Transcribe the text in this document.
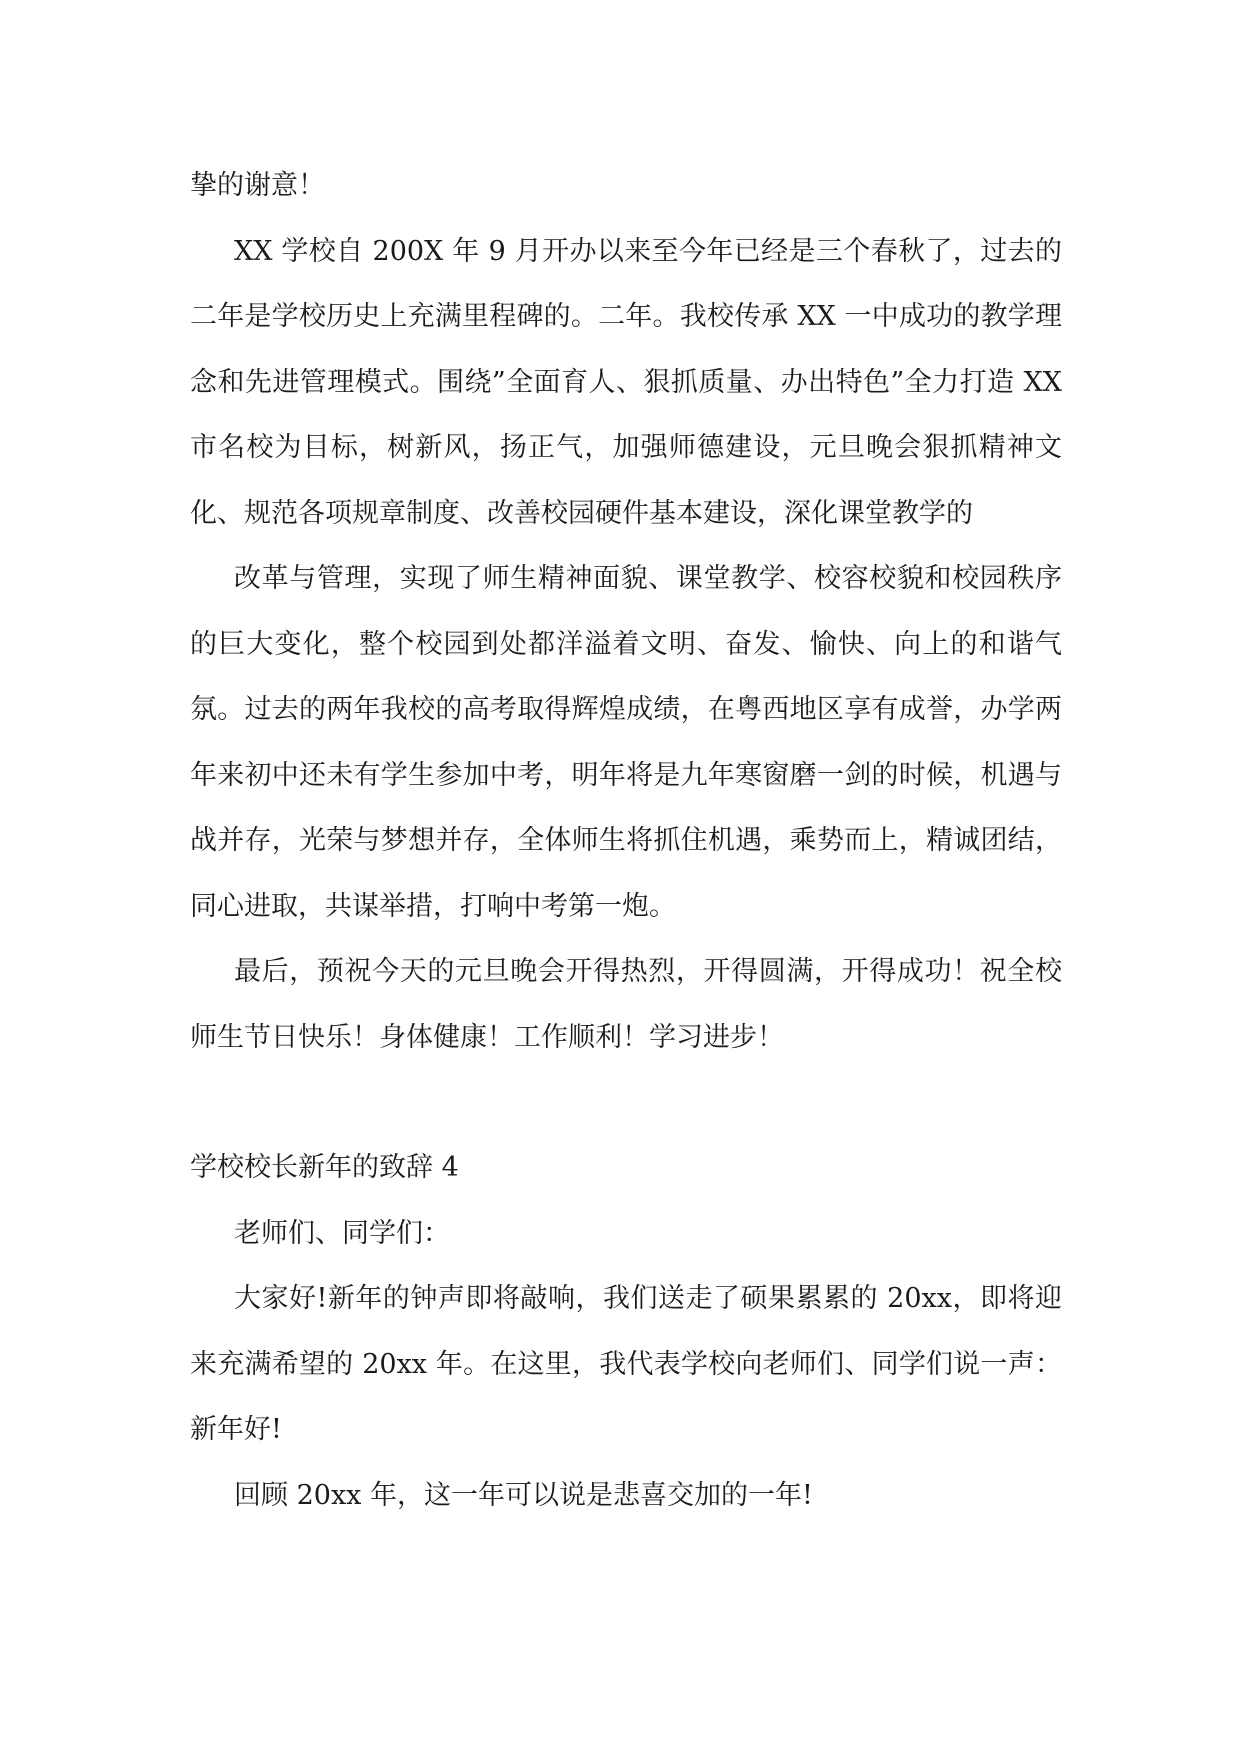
挚的谢意！

XX 学校自 200X 年 9 月开办以来至今年已经是三个春秋了，过去的二年是学校历史上充满里程碑的。二年。我校传承 XX 一中成功的教学理念和先进管理模式。围绕”全面育人、狠抓质量、办出特色”全力打造 XX 市名校为目标，树新风，扬正气，加强师德建设，元旦晚会狠抓精神文化、规范各项规章制度、改善校园硬件基本建设，深化课堂教学的

改革与管理，实现了师生精神面貌、课堂教学、校容校貌和校园秩序的巨大变化，整个校园到处都洋溢着文明、奋发、愉快、向上的和谐气氛。过去的两年我校的高考取得辉煌成绩，在粤西地区享有成誉，办学两年来初中还未有学生参加中考，明年将是九年寒窗磨一剑的时候，机遇与战并存，光荣与梦想并存，全体师生将抓住机遇，乘势而上，精诚团结，同心进取，共谋举措，打响中考第一炮。

最后，预祝今天的元旦晚会开得热烈，开得圆满，开得成功！祝全校师生节日快乐！身体健康！工作顺利！学习进步！

学校校长新年的致辞 4

老师们、同学们：

大家好!新年的钟声即将敲响，我们送走了硕果累累的 20xx，即将迎来充满希望的 20xx 年。在这里，我代表学校向老师们、同学们说一声：新年好!

回顾 20xx 年，这一年可以说是悲喜交加的一年!
